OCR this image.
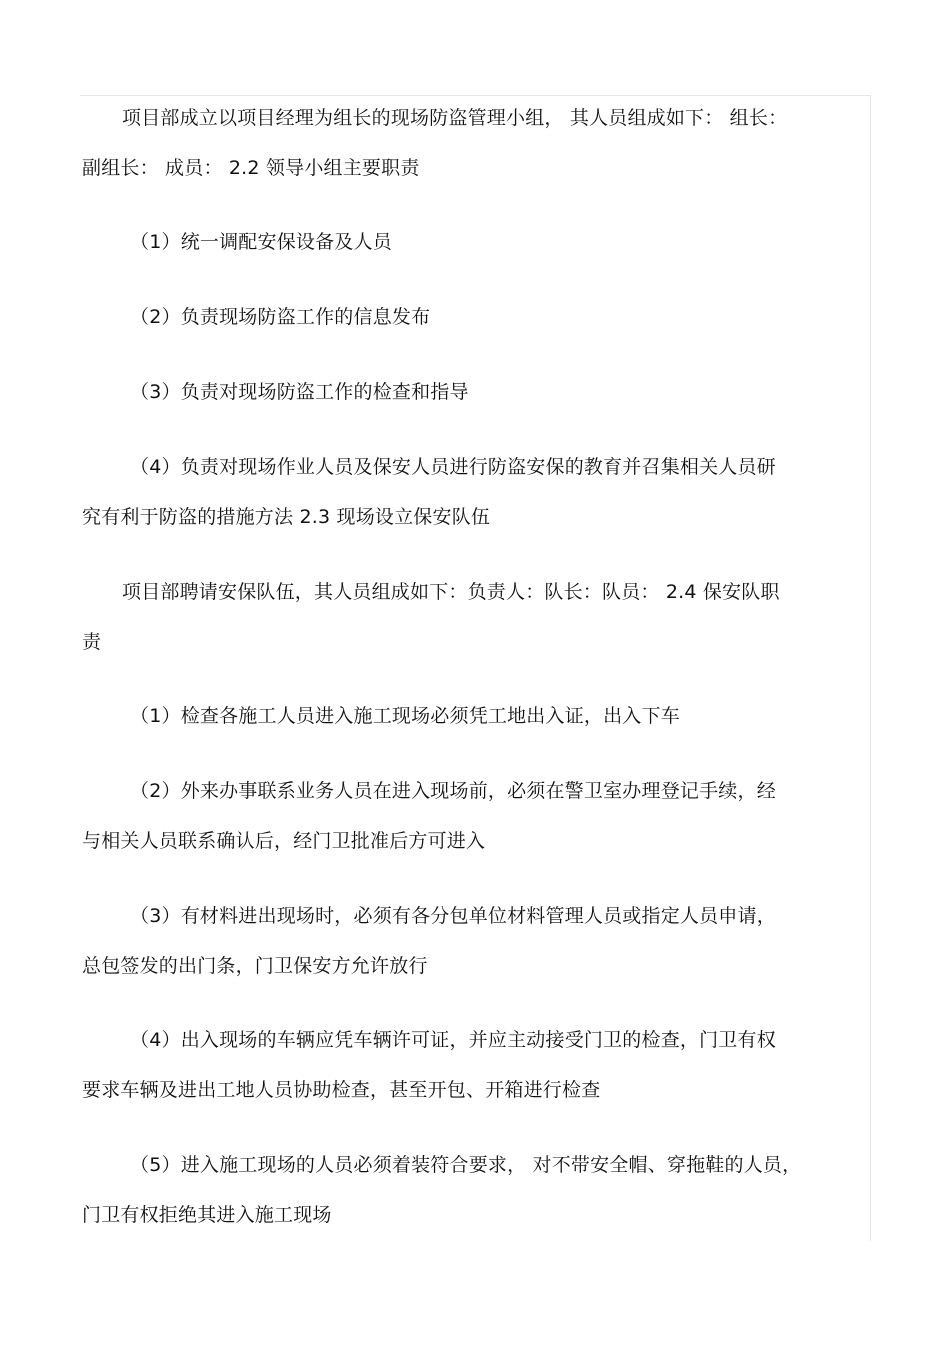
项目部成立以项目经理为组长的现场防盗管理小组， 其人员组成如下： 组长：
副组长： 成员： 2.2 领导小组主要职责
（1）统一调配安保设备及人员
（2）负责现场防盗工作的信息发布
（3）负责对现场防盗工作的检查和指导
（4）负责对现场作业人员及保安人员进行防盗安保的教育并召集相关人员研
究有利于防盗的措施方法 2.3 现场设立保安队伍
项目部聘请安保队伍，其人员组成如下：负责人：队长：队员： 2.4 保安队职
责
（1）检查各施工人员进入施工现场必须凭工地出入证，出入下车
（2）外来办事联系业务人员在进入现场前，必须在警卫室办理登记手续，经
与相关人员联系确认后，经门卫批准后方可进入
（3）有材料进出现场时，必须有各分包单位材料管理人员或指定人员申请，
总包签发的出门条，门卫保安方允许放行
（4）出入现场的车辆应凭车辆许可证，并应主动接受门卫的检查，门卫有权
要求车辆及进出工地人员协助检查，甚至开包、开箱进行检查
（5）进入施工现场的人员必须着装符合要求， 对不带安全帽、穿拖鞋的人员，
门卫有权拒绝其进入施工现场
